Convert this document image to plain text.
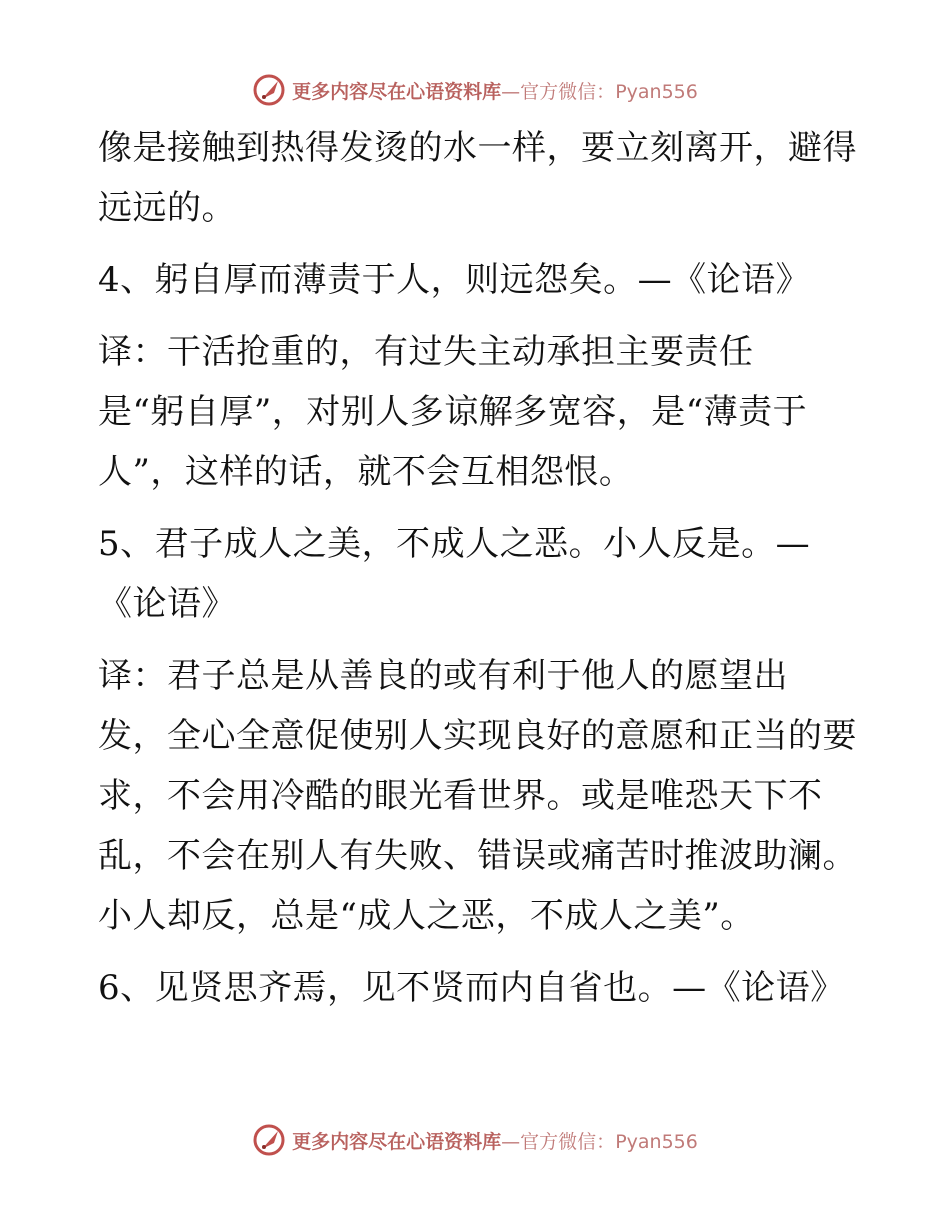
更多内容尽在心语资料库—官方微信：Pyan556
像是接触到热得发烫的水一样，要立刻离开，避得
远远的。
4、躬自厚而薄责于人，则远怨矣。—《论语》
译：干活抢重的，有过失主动承担主要责任
是“躬自厚”，对别人多谅解多宽容，是“薄责于
人”，这样的话，就不会互相怨恨。
5、君子成人之美，不成人之恶。小人反是。—
《论语》
译：君子总是从善良的或有利于他人的愿望出
发，全心全意促使别人实现良好的意愿和正当的要
求，不会用冷酷的眼光看世界。或是唯恐天下不
乱，不会在别人有失败、错误或痛苦时推波助澜。
小人却反，总是“成人之恶，不成人之美”。
6、见贤思齐焉，见不贤而内自省也。—《论语》
更多内容尽在心语资料库—官方微信：Pyan556
